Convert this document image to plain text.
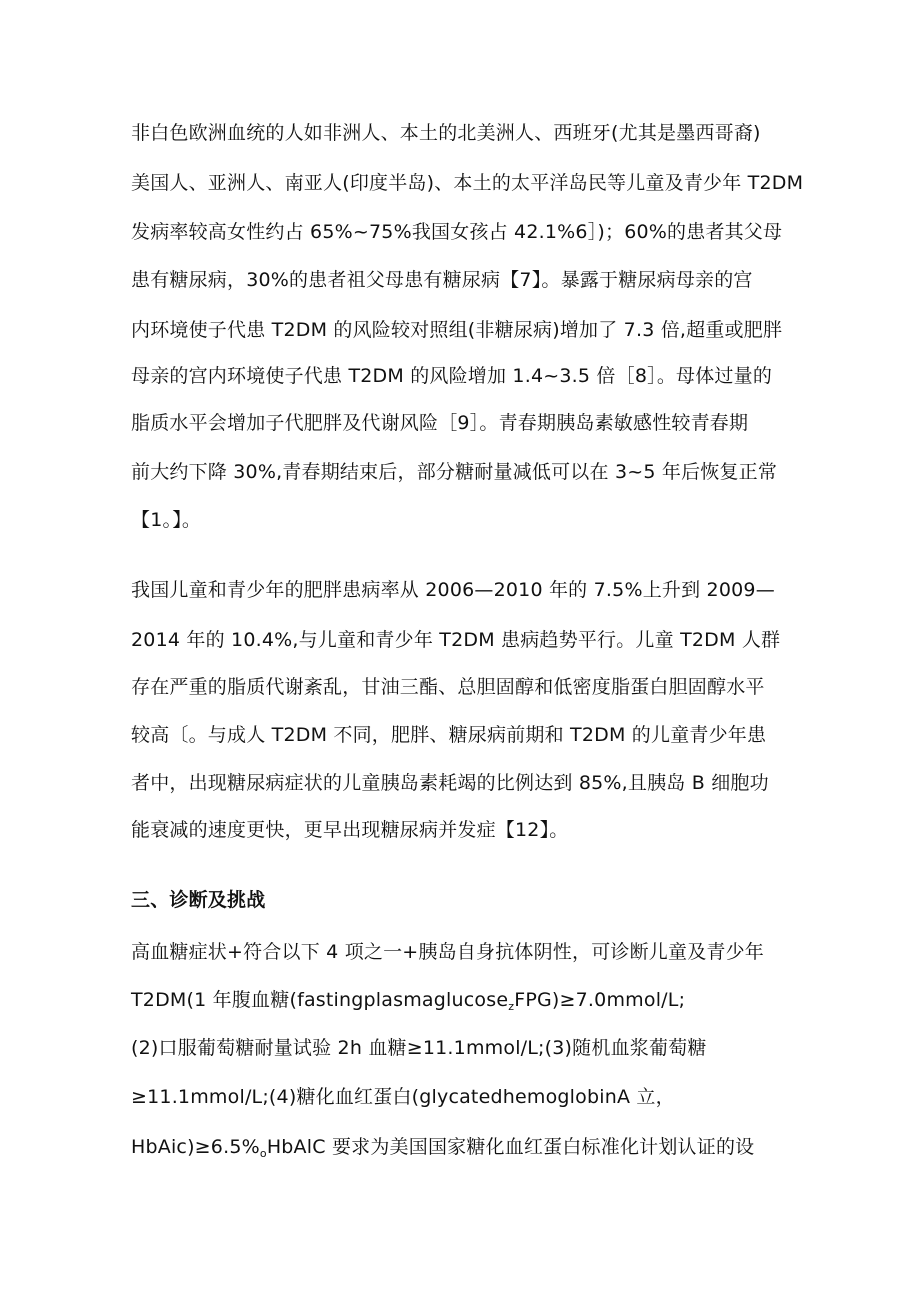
非白色欧洲血统的人如非洲人、本土的北美洲人、西班牙(尤其是墨西哥裔)
美国人、亚洲人、南亚人(印度半岛)、本土的太平洋岛民等儿童及青少年 T2DM
发病率较高女性约占 65%~75%我国女孩占 42.1%6］)；60%的患者其父母
患有糖尿病，30%的患者祖父母患有糖尿病【7】。暴露于糖尿病母亲的宫
内环境使子代患 T2DM 的风险较对照组(非糖尿病)增加了 7.3 倍,超重或肥胖
母亲的宫内环境使子代患 T2DM 的风险增加 1.4~3.5 倍［8］。母体过量的
脂质水平会增加子代肥胖及代谢风险［9］。青春期胰岛素敏感性较青春期
前大约下降 30%,青春期结束后，部分糖耐量减低可以在 3~5 年后恢复正常
【1。】。
我国儿童和青少年的肥胖患病率从 2006—2010 年的 7.5%上升到 2009—
2014 年的 10.4%,与儿童和青少年 T2DM 患病趋势平行。儿童 T2DM 人群
存在严重的脂质代谢紊乱，甘油三酯、总胆固醇和低密度脂蛋白胆固醇水平
较高〔。与成人 T2DM 不同，肥胖、糖尿病前期和 T2DM 的儿童青少年患
者中，出现糖尿病症状的儿童胰岛素耗竭的比例达到 85%,且胰岛 B 细胞功
能衰减的速度更快，更早出现糖尿病并发症【12】。
三、诊断及挑战
高血糖症状+符合以下 4 项之一+胰岛自身抗体阴性，可诊断儿童及青少年
T2DM(1 年腹血糖(fastingplasmaglucose$_z$FPG)≥7.0mmol/L;
(2)口服葡萄糖耐量试验 2h 血糖≥11.1mmol/L;(3)随机血浆葡萄糖
≥11.1mmol/L;(4)糖化血红蛋白(glycatedhemoglobinA 立，
$HbAic)\ge 6.5\%_oHbAlC$ 要求为美国国家糖化血红蛋白标准化计划认证的设
